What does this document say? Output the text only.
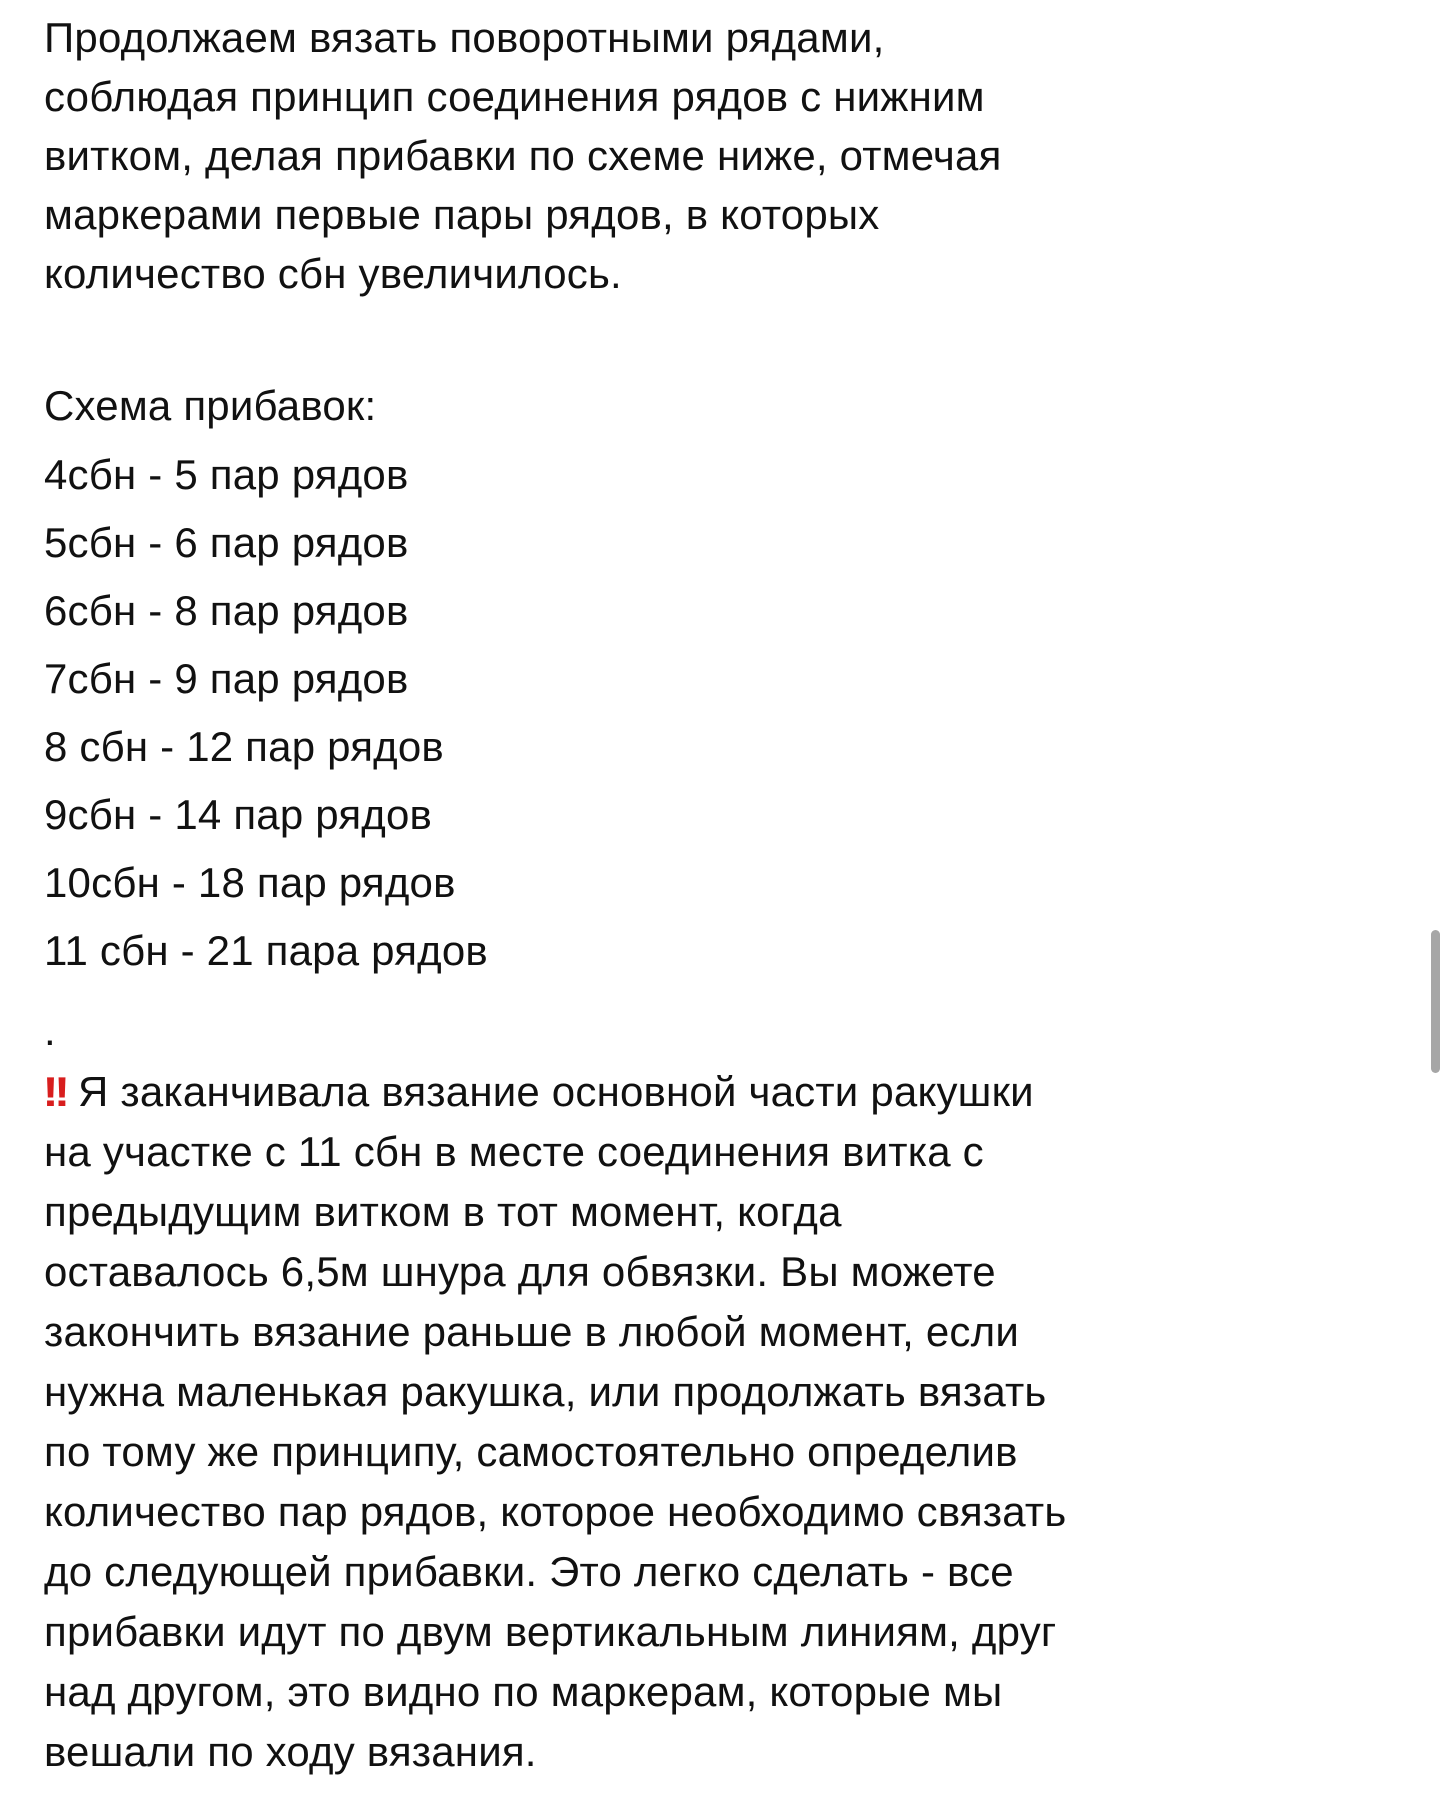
Продолжаем вязать поворотными рядами,
соблюдая принцип соединения рядов с нижним
витком, делая прибавки по схеме ниже, отмечая
маркерами первые пары рядов, в которых
количество сбн увеличилось.
Схема прибавок:
4сбн - 5 пар рядов
5сбн - 6 пар рядов
6сбн - 8 пар рядов
7сбн - 9 пар рядов
8 сбн - 12 пар рядов
9сбн - 14 пар рядов
10сбн - 18 пар рядов
11 сбн - 21 пара рядов
.
!! Я заканчивала вязание основной части ракушки
на участке с 11 сбн в месте соединения витка с
предыдущим витком в тот момент, когда
оставалось 6,5м шнура для обвязки. Вы можете
закончить вязание раньше в любой момент, если
нужна маленькая ракушка, или продолжать вязать
по тому же принципу, самостоятельно определив
количество пар рядов, которое необходимо связать
до следующей прибавки. Это легко сделать - все
прибавки идут по двум вертикальным линиям, друг
над другом, это видно по маркерам, которые мы
вешали по ходу вязания.
